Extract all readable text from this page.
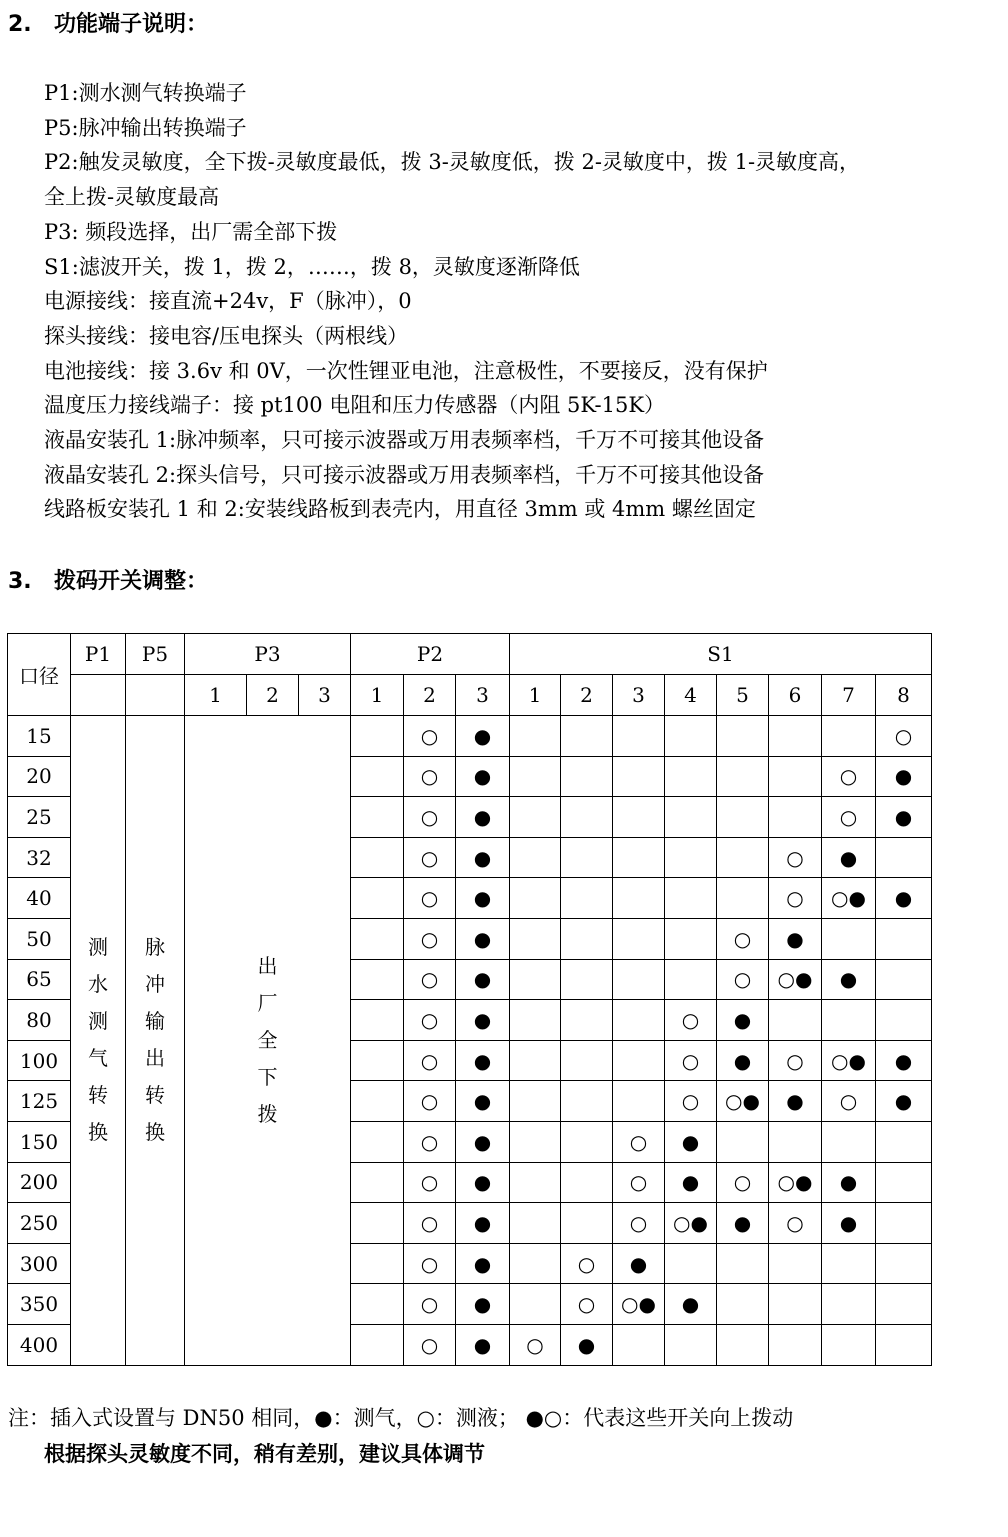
2. 功能端子说明：
P1:测水测气转换端子
P5:脉冲输出转换端子
P2:触发灵敏度，全下拨-灵敏度最低，拨 3-灵敏度低，拨 2-灵敏度中，拨 1-灵敏度高，
全上拨-灵敏度最高
P3: 频段选择，出厂需全部下拨
S1:滤波开关，拨 1，拨 2，……，拨 8，灵敏度逐渐降低
电源接线：接直流+24v，F（脉冲），0
探头接线：接电容/压电探头（两根线）
电池接线：接 3.6v 和 0V，一次性锂亚电池，注意极性，不要接反，没有保护
温度压力接线端子：接 pt100 电阻和压力传感器（内阻 5K-15K）
液晶安装孔 1:脉冲频率，只可接示波器或万用表频率档，千万不可接其他设备
液晶安装孔 2:探头信号，只可接示波器或万用表频率档，千万不可接其他设备
线路板安装孔 1 和 2:安装线路板到表壳内，用直径 3mm 或 4mm 螺丝固定
3. 拨码开关调整：
口径	P1	P5	P3			P2			S1							
			1	2	3	1	2	3	1	2	3	4	5	6	7	8
15	测水测气转换	脉冲输出转换	出厂全下拨				○	●								○
20							○	●							○	●
25							○	●							○	●
32							○	●						○	●	
40							○	●						○	○●	●
50							○	●					○	●		
65							○	●					○	○●	●	
80							○	●				○	●			
100							○	●				○	●	○	○●	●
125							○	●				○	○●	●	○	●
150							○	●			○	●				
200							○	●			○	●	○	○●	●	
250							○	●			○	○●	●	○	●	
300							○	●		○	●					
350							○	●		○	○●	●				
400							○	●	○	●						
注：插入式设置与 DN50 相同，●：测气，○：测液； ●○：代表这些开关向上拨动
根据探头灵敏度不同，稍有差别，建议具体调节
